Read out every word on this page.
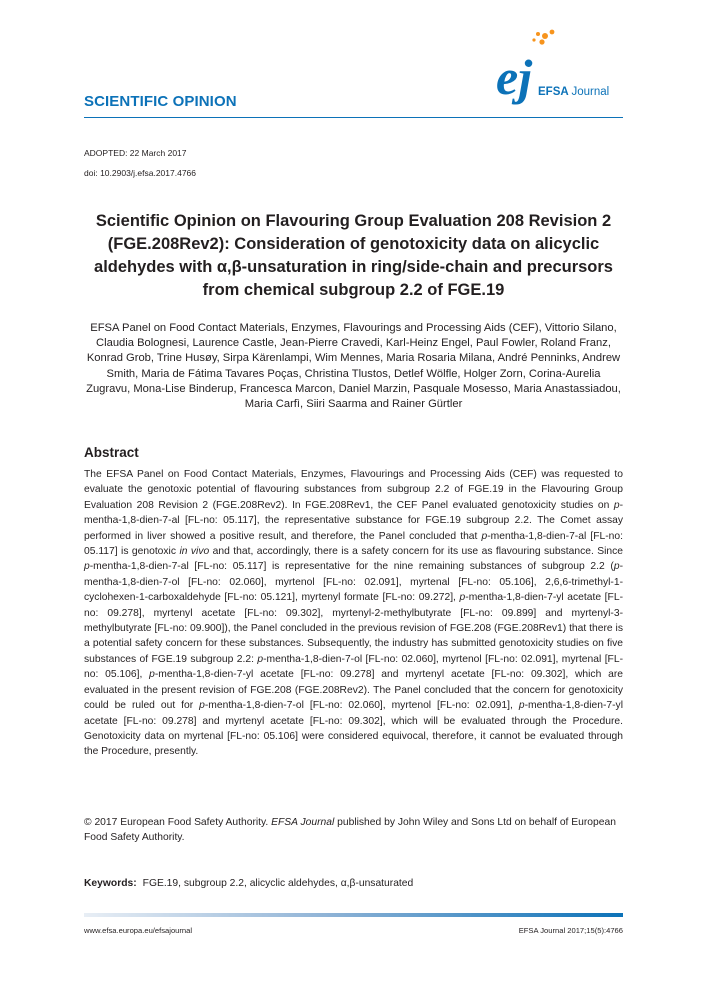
SCIENTIFIC OPINION	ej EFSA Journal
ADOPTED: 22 March 2017
doi: 10.2903/j.efsa.2017.4766
Scientific Opinion on Flavouring Group Evaluation 208 Revision 2 (FGE.208Rev2): Consideration of genotoxicity data on alicyclic aldehydes with α,β-unsaturation in ring/side-chain and precursors from chemical subgroup 2.2 of FGE.19
EFSA Panel on Food Contact Materials, Enzymes, Flavourings and Processing Aids (CEF), Vittorio Silano, Claudia Bolognesi, Laurence Castle, Jean-Pierre Cravedi, Karl-Heinz Engel, Paul Fowler, Roland Franz, Konrad Grob, Trine Husøy, Sirpa Kärenlampi, Wim Mennes, Maria Rosaria Milana, André Penninks, Andrew Smith, Maria de Fátima Tavares Poças, Christina Tlustos, Detlef Wölfle, Holger Zorn, Corina-Aurelia Zugravu, Mona-Lise Binderup, Francesca Marcon, Daniel Marzin, Pasquale Mosesso, Maria Anastassiadou, Maria Carfì, Siiri Saarma and Rainer Gürtler
Abstract

The EFSA Panel on Food Contact Materials, Enzymes, Flavourings and Processing Aids (CEF) was requested to evaluate the genotoxic potential of flavouring substances from subgroup 2.2 of FGE.19 in the Flavouring Group Evaluation 208 Revision 2 (FGE.208Rev2). In FGE.208Rev1, the CEF Panel evaluated genotoxicity studies on p-mentha-1,8-dien-7-al [FL-no: 05.117], the representative substance for FGE.19 subgroup 2.2. The Comet assay performed in liver showed a positive result, and therefore, the Panel concluded that p-mentha-1,8-dien-7-al [FL-no: 05.117] is genotoxic in vivo and that, accordingly, there is a safety concern for its use as flavouring substance. Since p-mentha-1,8-dien-7-al [FL-no: 05.117] is representative for the nine remaining substances of subgroup 2.2 (p-mentha-1,8-dien-7-ol [FL-no: 02.060], myrtenol [FL-no: 02.091], myrtenal [FL-no: 05.106], 2,6,6-trimethyl-1-cyclohexen-1-carboxaldehyde [FL-no: 05.121], myrtenyl formate [FL-no: 09.272], p-mentha-1,8-dien-7-yl acetate [FL-no: 09.278], myrtenyl acetate [FL-no: 09.302], myrtenyl-2-methylbutyrate [FL-no: 09.899] and myrtenyl-3-methylbutyrate [FL-no: 09.900]), the Panel concluded in the previous revision of FGE.208 (FGE.208Rev1) that there is a potential safety concern for these substances. Subsequently, the industry has submitted genotoxicity studies on five substances of FGE.19 subgroup 2.2: p-mentha-1,8-dien-7-ol [FL-no: 02.060], myrtenol [FL-no: 02.091], myrtenal [FL-no: 05.106], p-mentha-1,8-dien-7-yl acetate [FL-no: 09.278] and myrtenyl acetate [FL-no: 09.302], which are evaluated in the present revision of FGE.208 (FGE.208Rev2). The Panel concluded that the concern for genotoxicity could be ruled out for p-mentha-1,8-dien-7-ol [FL-no: 02.060], myrtenol [FL-no: 02.091], p-mentha-1,8-dien-7-yl acetate [FL-no: 09.278] and myrtenyl acetate [FL-no: 09.302], which will be evaluated through the Procedure. Genotoxicity data on myrtenal [FL-no: 05.106] were considered equivocal, therefore, it cannot be evaluated through the Procedure, presently.

© 2017 European Food Safety Authority. EFSA Journal published by John Wiley and Sons Ltd on behalf of European Food Safety Authority.

Keywords: FGE.19, subgroup 2.2, alicyclic aldehydes, α,β-unsaturated
www.efsa.europa.eu/efsajournal	EFSA Journal 2017;15(5):4766
